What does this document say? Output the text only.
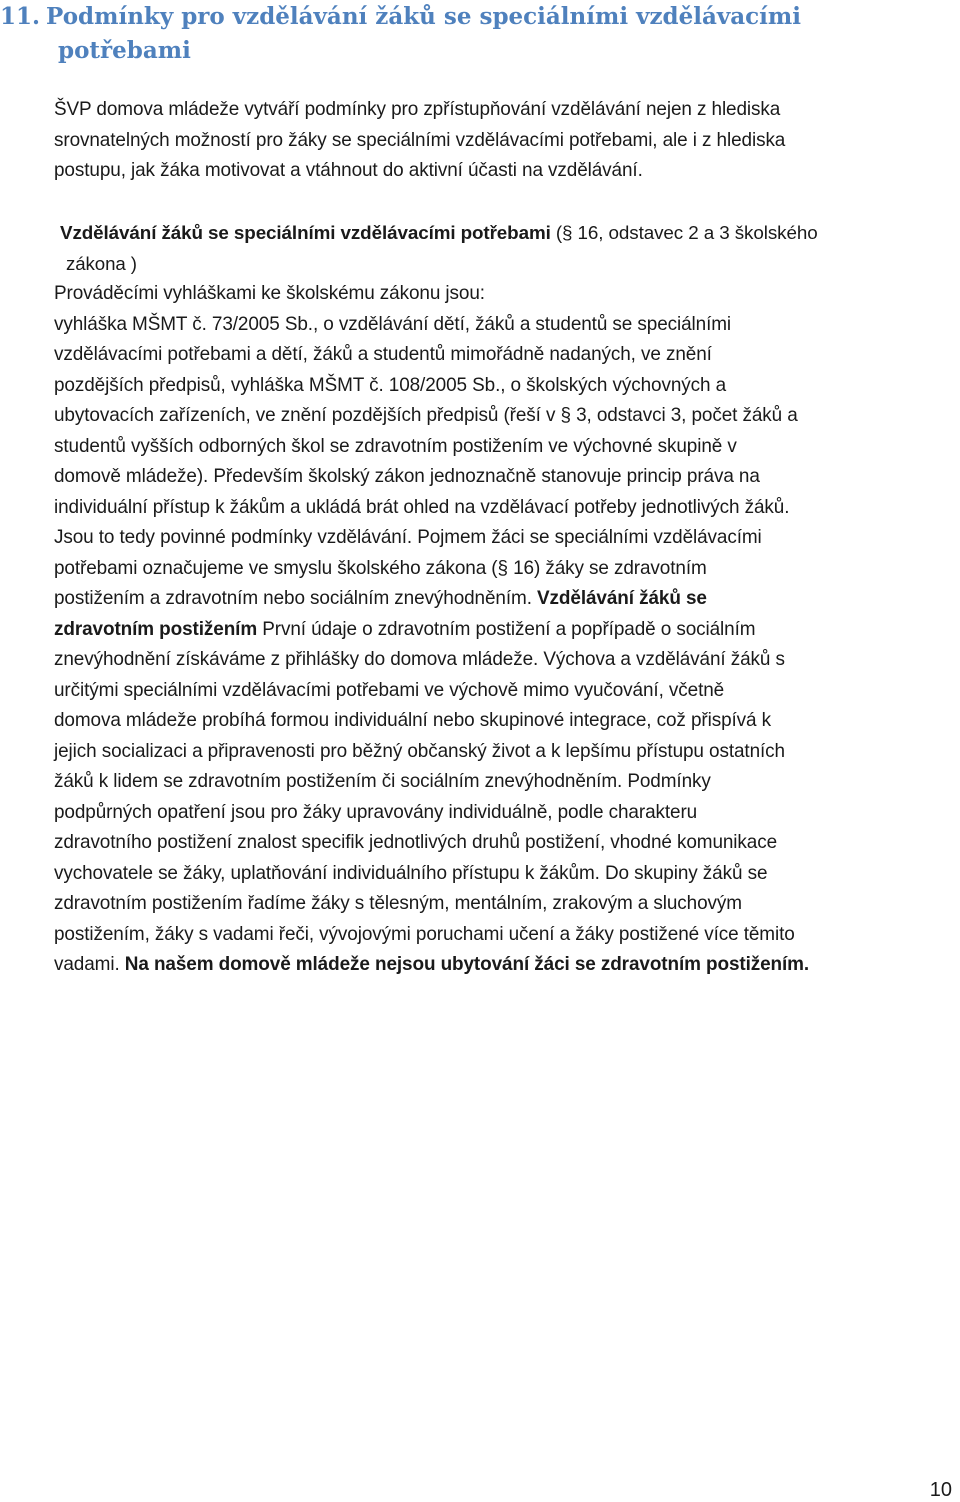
11. Podmínky pro vzdělávání žáků se speciálními vzdělávacími
potřebami

ŠVP domova mládeže vytváří podmínky pro zpřístupňování vzdělávání nejen z hlediska
srovnatelných možností pro žáky se speciálními vzdělávacími potřebami, ale i z hlediska
postupu, jak žáka motivovat a vtáhnout do aktivní účasti na vzdělávání.

Vzdělávání žáků se speciálními vzdělávacími potřebami (§ 16, odstavec 2 a 3 školského
zákona )
Prováděcími vyhláškami ke školskému zákonu jsou:
vyhláška MŠMT č. 73/2005 Sb., o vzdělávání dětí, žáků a studentů se speciálními
vzdělávacími potřebami a dětí, žáků a studentů mimořádně nadaných, ve znění
pozdějších předpisů, vyhláška MŠMT č. 108/2005 Sb., o školských výchovných a
ubytovacích zařízeních, ve znění pozdějších předpisů (řeší v § 3, odstavci 3, počet žáků a
studentů vyšších odborných škol se zdravotním postižením ve výchovné skupině v
domově mládeže). Především školský zákon jednoznačně stanovuje princip práva na
individuální přístup k žákům a ukládá brát ohled na vzdělávací potřeby jednotlivých žáků.
Jsou to tedy povinné podmínky vzdělávání. Pojmem žáci se speciálními vzdělávacími
potřebami označujeme ve smyslu školského zákona (§ 16) žáky se zdravotním
postižením a zdravotním nebo sociálním znevýhodněním. Vzdělávání žáků se
zdravotním postižením První údaje o zdravotním postižení a popřípadě o sociálním
znevýhodnění získáváme z přihlášky do domova mládeže. Výchova a vzdělávání žáků s
určitými speciálními vzdělávacími potřebami ve výchově mimo vyučování, včetně
domova mládeže probíhá formou individuální nebo skupinové integrace, což přispívá k
jejich socializaci a připravenosti pro běžný občanský život a k lepšímu přístupu ostatních
žáků k lidem se zdravotním postižením či sociálním znevýhodněním. Podmínky
podpůrných opatření jsou pro žáky upravovány individuálně, podle charakteru
zdravotního postižení znalost specifik jednotlivých druhů postižení, vhodné komunikace
vychovatele se žáky, uplatňování individuálního přístupu k žákům. Do skupiny žáků se
zdravotním postižením řadíme žáky s tělesným, mentálním, zrakovým a sluchovým
postižením, žáky s vadami řeči, vývojovými poruchami učení a žáky postižené více těmito
vadami. Na našem domově mládeže nejsou ubytování žáci se zdravotním postižením.

10
